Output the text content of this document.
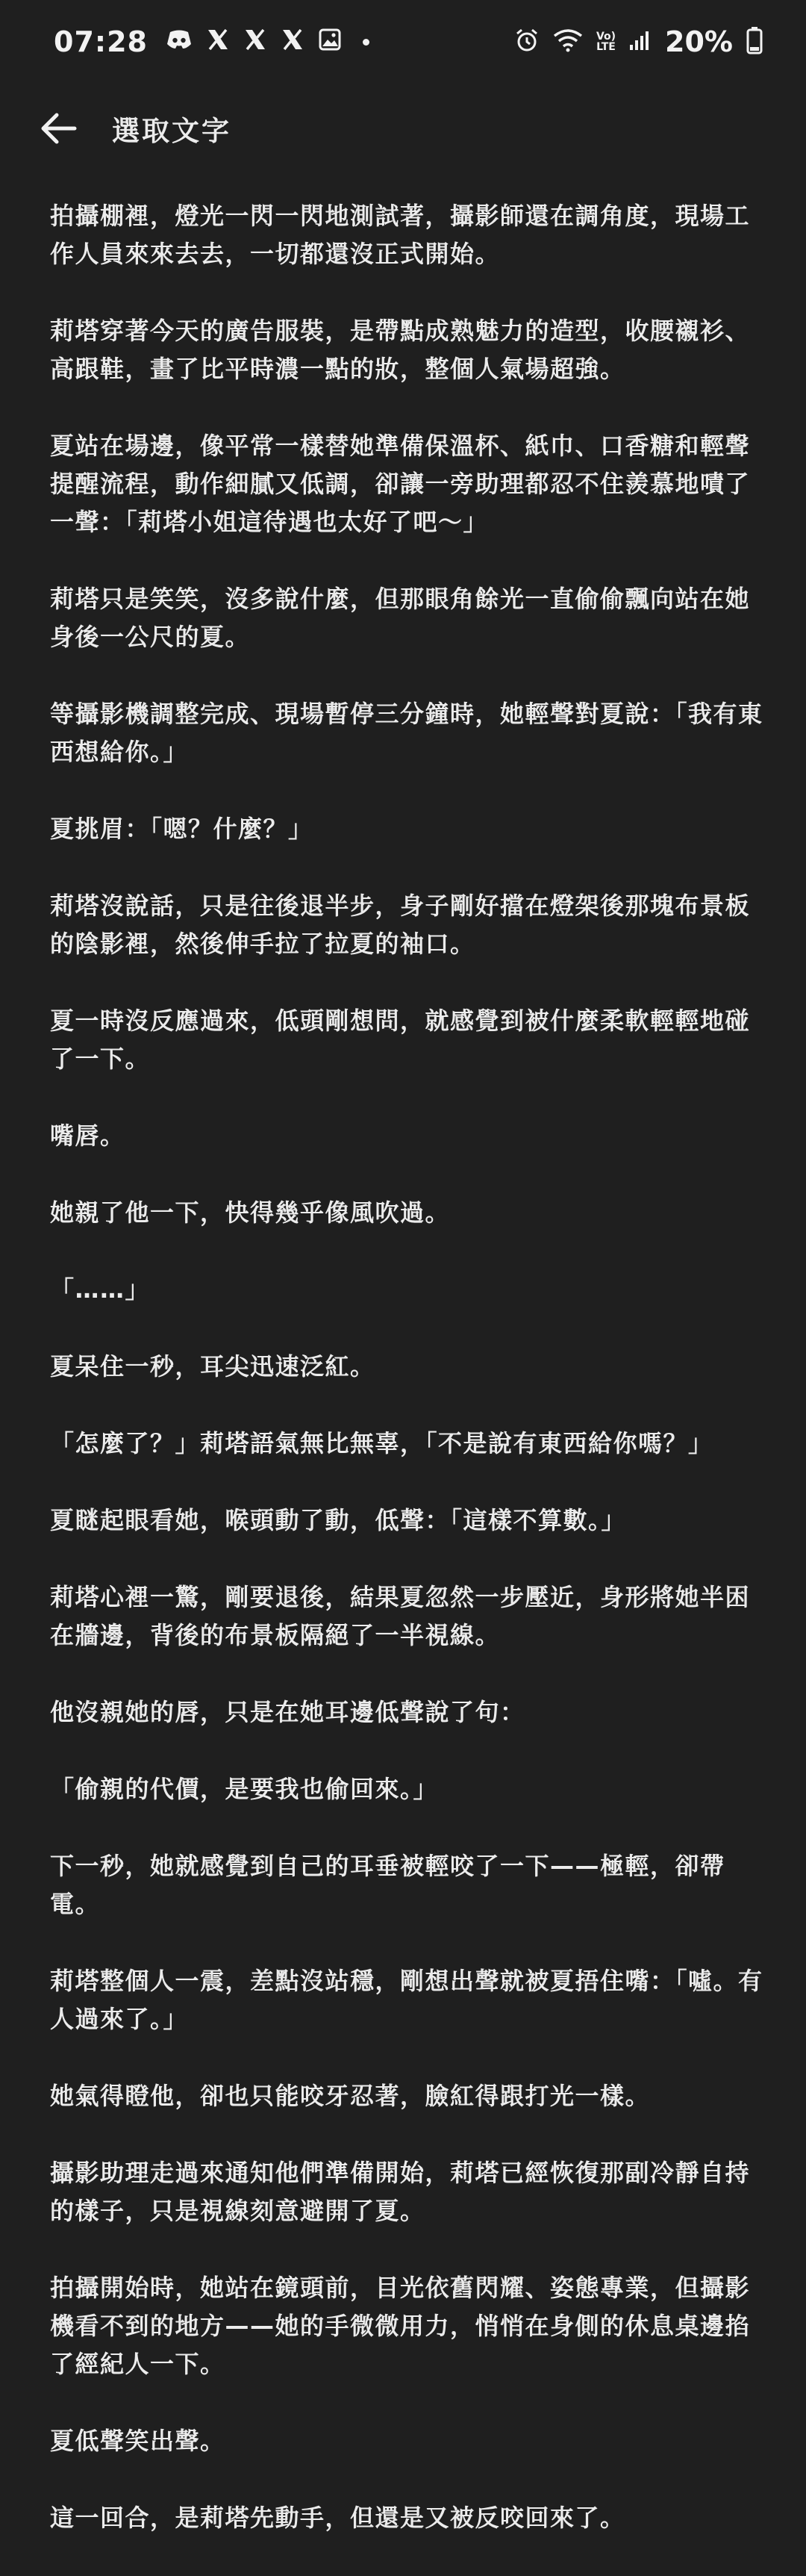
07:28	Vo)
LTE 20%
選取文字

拍攝棚裡，燈光一閃一閃地測試著，攝影師還在調角度，現場工作人員來來去去，一切都還沒正式開始。

莉塔穿著今天的廣告服裝，是帶點成熟魅力的造型，收腰襯衫、高跟鞋，畫了比平時濃一點的妝，整個人氣場超強。

夏站在場邊，像平常一樣替她準備保溫杯、紙巾、口香糖和輕聲提醒流程，動作細膩又低調，卻讓一旁助理都忍不住羨慕地嘖了一聲：「莉塔小姐這待遇也太好了吧～」

莉塔只是笑笑，沒多說什麼，但那眼角餘光一直偷偷飄向站在她身後一公尺的夏。

等攝影機調整完成、現場暫停三分鐘時，她輕聲對夏說：「我有東西想給你。」

夏挑眉：「嗯？什麼？」

莉塔沒說話，只是往後退半步，身子剛好擋在燈架後那塊布景板的陰影裡，然後伸手拉了拉夏的袖口。

夏一時沒反應過來，低頭剛想問，就感覺到被什麼柔軟輕輕地碰了一下。

嘴唇。

她親了他一下，快得幾乎像風吹過。

「……」

夏呆住一秒，耳尖迅速泛紅。

「怎麼了？」莉塔語氣無比無辜，「不是說有東西給你嗎？」

夏瞇起眼看她，喉頭動了動，低聲：「這樣不算數。」

莉塔心裡一驚，剛要退後，結果夏忽然一步壓近，身形將她半困在牆邊，背後的布景板隔絕了一半視線。

他沒親她的唇，只是在她耳邊低聲說了句：

「偷親的代價，是要我也偷回來。」

下一秒，她就感覺到自己的耳垂被輕咬了一下——極輕，卻帶電。

莉塔整個人一震，差點沒站穩，剛想出聲就被夏捂住嘴：「噓。有人過來了。」

她氣得瞪他，卻也只能咬牙忍著，臉紅得跟打光一樣。

攝影助理走過來通知他們準備開始，莉塔已經恢復那副冷靜自持的樣子，只是視線刻意避開了夏。

拍攝開始時，她站在鏡頭前，目光依舊閃耀、姿態專業，但攝影機看不到的地方——她的手微微用力，悄悄在身側的休息桌邊掐了經紀人一下。

夏低聲笑出聲。

這一回合，是莉塔先動手，但還是又被反咬回來了。
